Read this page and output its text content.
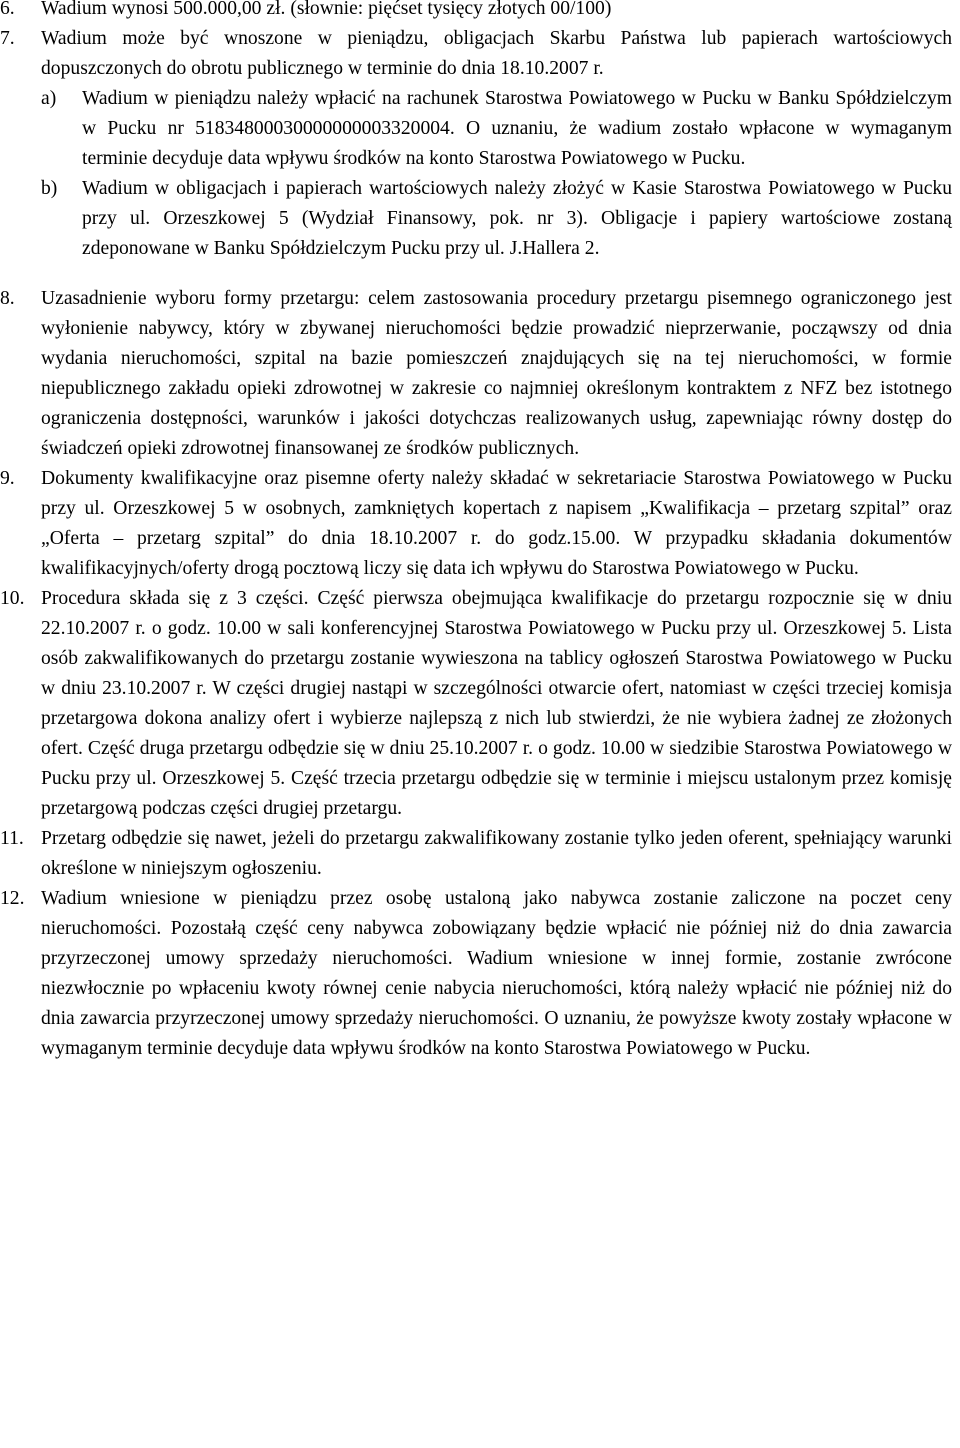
6. Wadium wynosi 500.000,00 zł. (słownie: pięćset tysięcy złotych 00/100)
7. Wadium może być wnoszone w pieniądzu, obligacjach Skarbu Państwa lub papierach wartościowych dopuszczonych do obrotu publicznego w terminie do dnia 18.10.2007 r.
a) Wadium w pieniądzu należy wpłacić na rachunek Starostwa Powiatowego w Pucku w Banku Spółdzielczym w Pucku nr 51834800030000000003320004. O uznaniu, że wadium zostało wpłacone w wymaganym terminie decyduje data wpływu środków na konto Starostwa Powiatowego w Pucku.
b) Wadium w obligacjach i papierach wartościowych należy złożyć w Kasie Starostwa Powiatowego w Pucku przy ul. Orzeszkowej 5 (Wydział Finansowy, pok. nr 3). Obligacje i papiery wartościowe zostaną zdeponowane w Banku Spółdzielczym Pucku przy ul. J.Hallera 2.
8. Uzasadnienie wyboru formy przetargu: celem zastosowania procedury przetargu pisemnego ograniczonego jest wyłonienie nabywcy, który w zbywanej nieruchomości będzie prowadzić nieprzerwanie, począwszy od dnia wydania nieruchomości, szpital na bazie pomieszczeń znajdujących się na tej nieruchomości, w formie niepublicznego zakładu opieki zdrowotnej w zakresie co najmniej określonym kontraktem z NFZ bez istotnego ograniczenia dostępności, warunków i jakości dotychczas realizowanych usług, zapewniając równy dostęp do świadczeń opieki zdrowotnej finansowanej ze środków publicznych.
9. Dokumenty kwalifikacyjne oraz pisemne oferty należy składać w sekretariacie Starostwa Powiatowego w Pucku przy ul. Orzeszkowej 5 w osobnych, zamkniętych kopertach z napisem „Kwalifikacja – przetarg szpital” oraz „Oferta – przetarg szpital” do dnia 18.10.2007 r. do godz.15.00. W przypadku składania dokumentów kwalifikacyjnych/oferty drogą pocztową liczy się data ich wpływu do Starostwa Powiatowego w Pucku.
10. Procedura składa się z 3 części. Część pierwsza obejmująca kwalifikacje do przetargu rozpocznie się w dniu 22.10.2007 r. o godz. 10.00 w sali konferencyjnej Starostwa Powiatowego w Pucku przy ul. Orzeszkowej 5. Lista osób zakwalifikowanych do przetargu zostanie wywieszona na tablicy ogłoszeń Starostwa Powiatowego w Pucku w dniu 23.10.2007 r. W części drugiej nastąpi w szczególności otwarcie ofert, natomiast w części trzeciej komisja przetargowa dokona analizy ofert i wybierze najlepszą z nich lub stwierdzi, że nie wybiera żadnej ze złożonych ofert. Część druga przetargu odbędzie się w dniu 25.10.2007 r. o godz. 10.00 w siedzibie Starostwa Powiatowego w Pucku przy ul. Orzeszkowej 5. Część trzecia przetargu odbędzie się w terminie i miejscu ustalonym przez komisję przetargową podczas części drugiej przetargu.
11. Przetarg odbędzie się nawet, jeżeli do przetargu zakwalifikowany zostanie tylko jeden oferent, spełniający warunki określone w niniejszym ogłoszeniu.
12. Wadium wniesione w pieniądzu przez osobę ustaloną jako nabywca zostanie zaliczone na poczet ceny nieruchomości. Pozostałą część ceny nabywca zobowiązany będzie wpłacić nie później niż do dnia zawarcia przyrzeczonej umowy sprzedaży nieruchomości. Wadium wniesione w innej formie, zostanie zwrócone niezwłocznie po wpłaceniu kwoty równej cenie nabycia nieruchomości, którą należy wpłacić nie później niż do dnia zawarcia przyrzeczonej umowy sprzedaży nieruchomości. O uznaniu, że powyższe kwoty zostały wpłacone w wymaganym terminie decyduje data wpływu środków na konto Starostwa Powiatowego w Pucku.
